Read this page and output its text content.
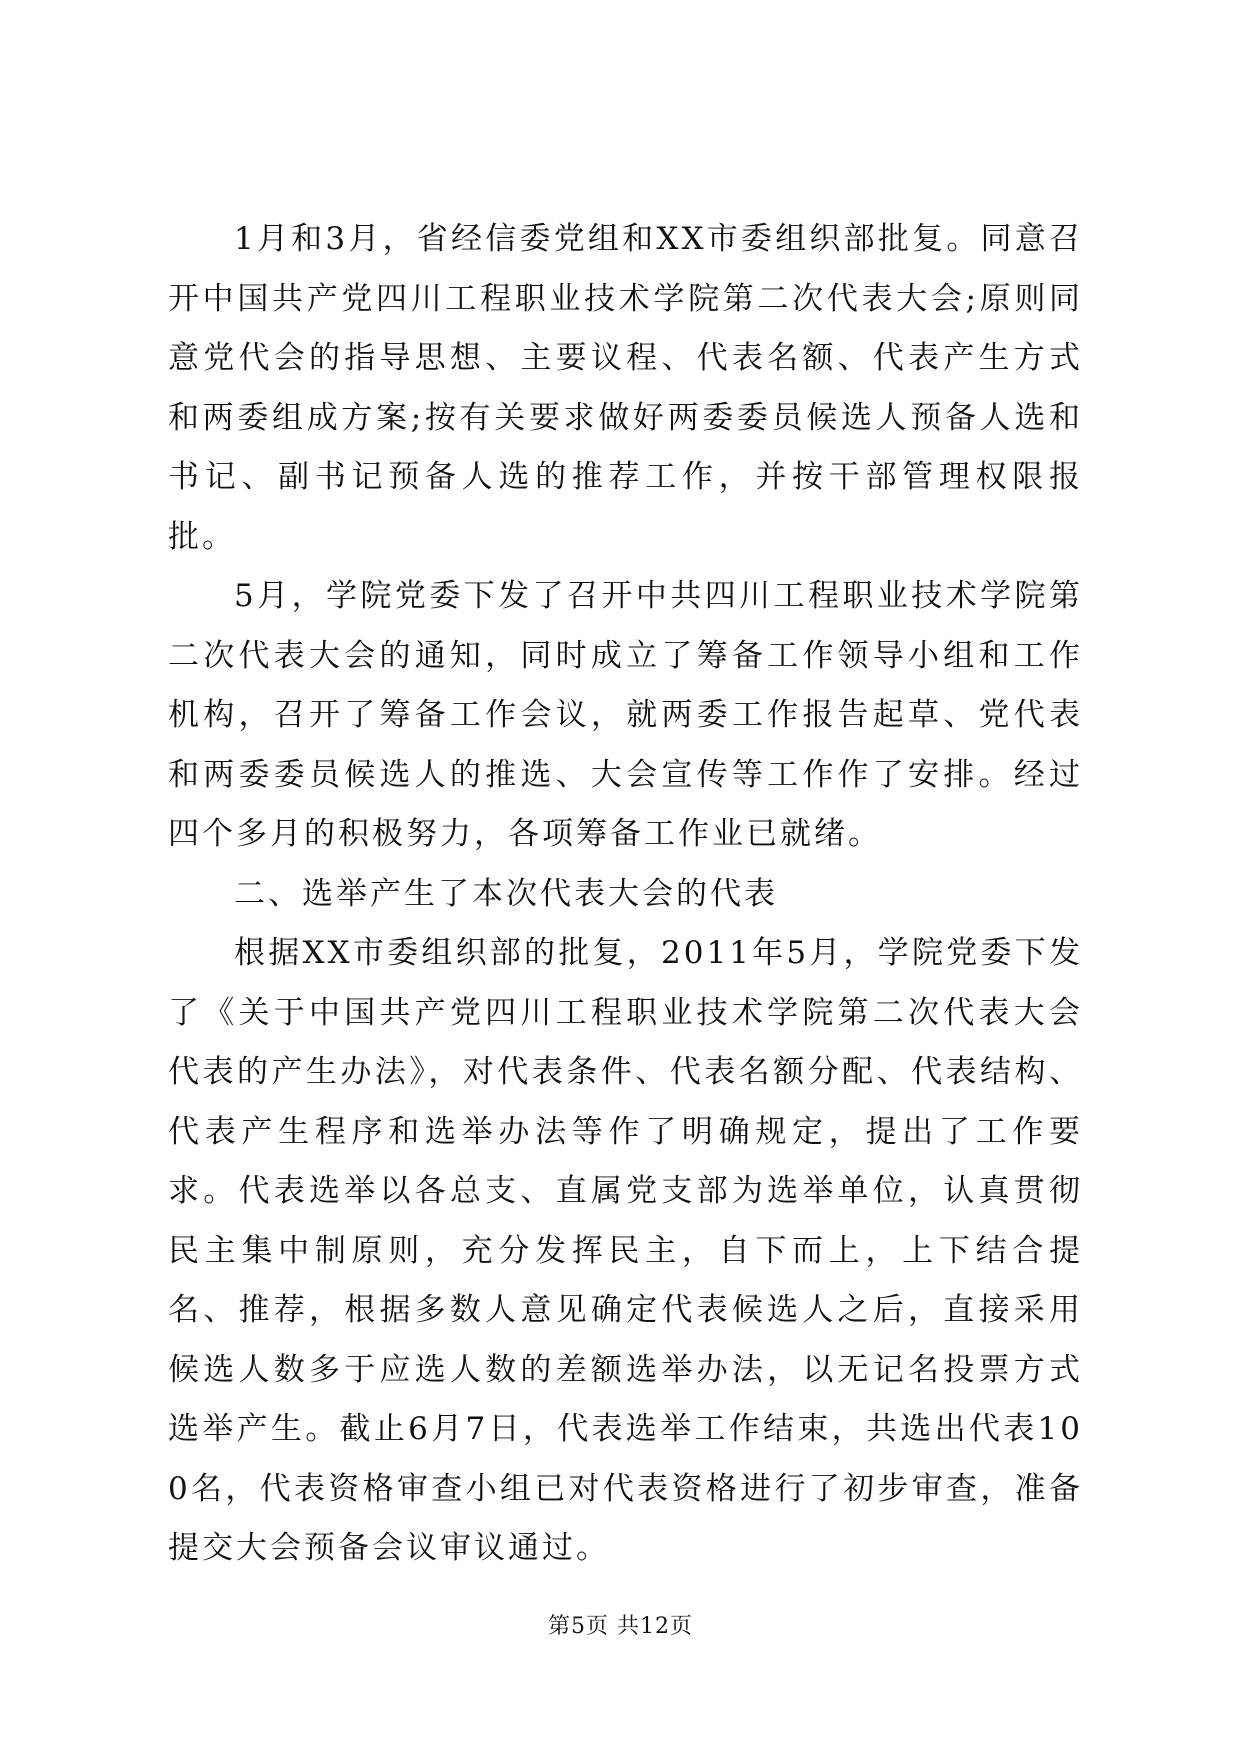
1月和3月，省经信委党组和XX市委组织部批复。同意召开中国共产党四川工程职业技术学院第二次代表大会;原则同意党代会的指导思想、主要议程、代表名额、代表产生方式和两委组成方案;按有关要求做好两委委员候选人预备人选和书记、副书记预备人选的推荐工作，并按干部管理权限报批。

5月，学院党委下发了召开中共四川工程职业技术学院第二次代表大会的通知，同时成立了筹备工作领导小组和工作机构，召开了筹备工作会议，就两委工作报告起草、党代表和两委委员候选人的推选、大会宣传等工作作了安排。经过四个多月的积极努力，各项筹备工作业已就绪。

二、选举产生了本次代表大会的代表

根据XX市委组织部的批复，2011年5月，学院党委下发了《关于中国共产党四川工程职业技术学院第二次代表大会代表的产生办法》，对代表条件、代表名额分配、代表结构、代表产生程序和选举办法等作了明确规定，提出了工作要求。代表选举以各总支、直属党支部为选举单位，认真贯彻民主集中制原则，充分发挥民主，自下而上，上下结合提名、推荐，根据多数人意见确定代表候选人之后，直接采用候选人数多于应选人数的差额选举办法，以无记名投票方式选举产生。截止6月7日，代表选举工作结束，共选出代表100名，代表资格审查小组已对代表资格进行了初步审查，准备提交大会预备会议审议通过。

第5页 共12页
